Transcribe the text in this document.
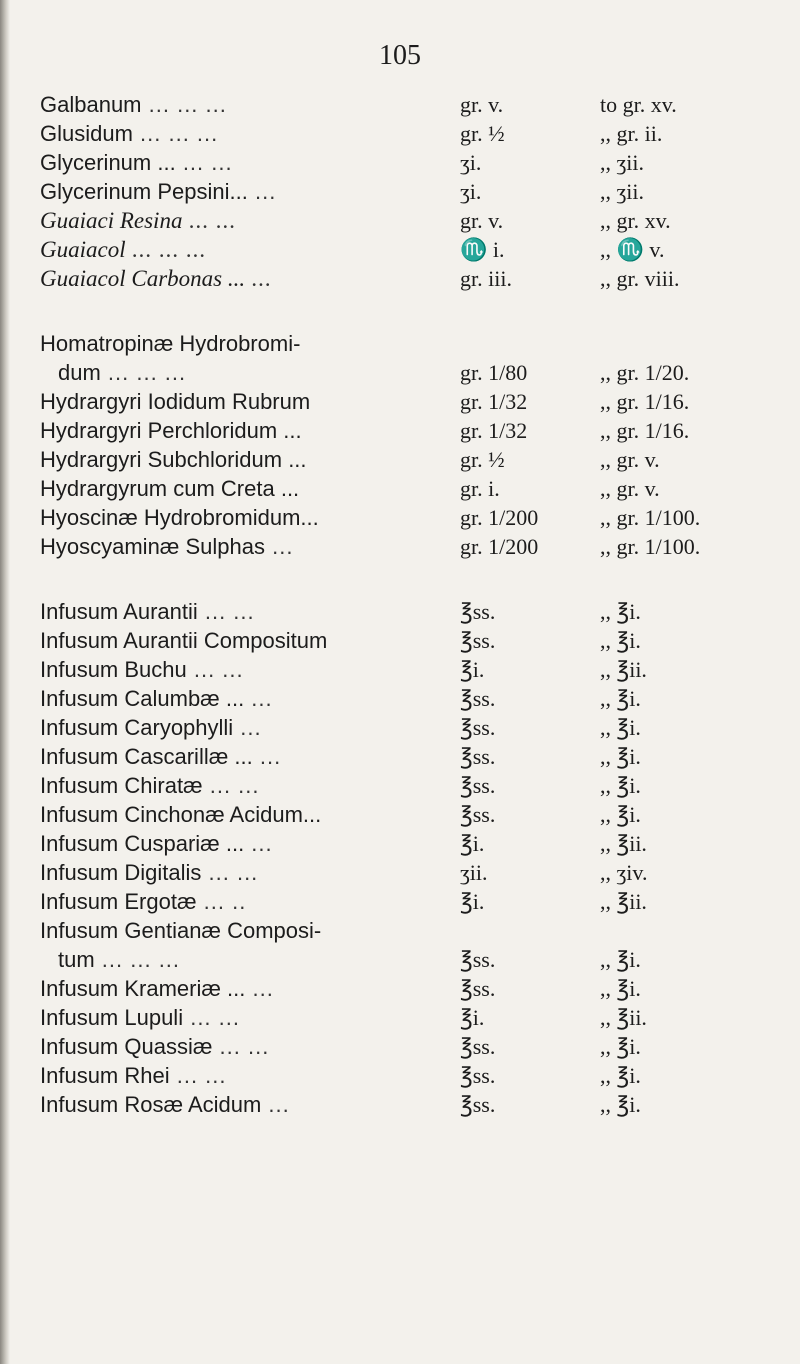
105
Galbanum ... ... ...	gr. v.	to gr. xv.
Glusidum ... ... ...	gr. ½	,, gr. ii.
Glycerinum ... ... ...	ʒi.	,, ʒii.
Glycerinum Pepsini... ...	ʒi.	,, ʒii.
Guaiaci Resina ... ...	gr. v.	,, gr. xv.
Guaiacol ... ... ...	♏ i.	,, ♏ v.
Guaiacol Carbonas ... ...	gr. iii.	,, gr. viii.
Homatropinæ Hydrobromi-
dum ... ... ...	gr. 1/80	,, gr. 1/20.
Hydrargyri Iodidum Rubrum	gr. 1/32	,, gr. 1/16.
Hydrargyri Perchloridum ...	gr. 1/32	,, gr. 1/16.
Hydrargyri Subchloridum ...	gr. ½	,, gr. v.
Hydrargyrum cum Creta ...	gr. i.	,, gr. v.
Hyoscinæ Hydrobromidum...	gr. 1/200	,, gr. 1/100.
Hyoscyaminæ Sulphas ...	gr. 1/200	,, gr. 1/100.
Infusum Aurantii ... ...	℥ss.	,, ℥i.
Infusum Aurantii Compositum	℥ss.	,, ℥i.
Infusum Buchu ... ...	℥i.	,, ℥ii.
Infusum Calumbæ ... ...	℥ss.	,, ℥i.
Infusum Caryophylli ...	℥ss.	,, ℥i.
Infusum Cascarillæ ... ...	℥ss.	,, ℥i.
Infusum Chiratæ ... ...	℥ss.	,, ℥i.
Infusum Cinchonæ Acidum...	℥ss.	,, ℥i.
Infusum Cuspariæ ... ...	℥i.	,, ℥ii.
Infusum Digitalis ... ...	ʒii.	,, ʒiv.
Infusum Ergotæ ... ..	℥i.	,, ℥ii.
Infusum Gentianæ Composi-
tum ... ... ...	℥ss.	,, ℥i.
Infusum Krameriæ ... ...	℥ss.	,, ℥i.
Infusum Lupuli ... ...	℥i.	,, ℥ii.
Infusum Quassiæ ... ...	℥ss.	,, ℥i.
Infusum Rhei ... ...	℥ss.	,, ℥i.
Infusum Rosæ Acidum ...	℥ss.	,, ℥i.
